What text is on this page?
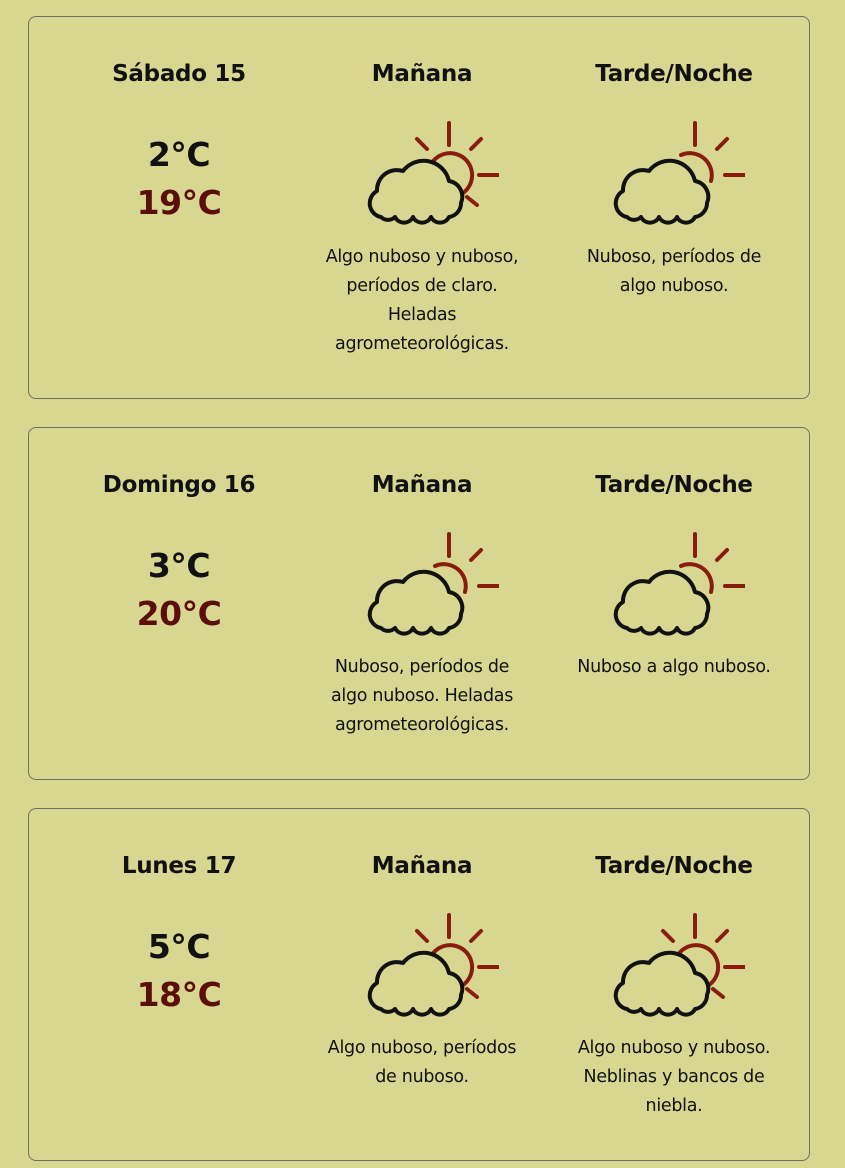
Sábado 15
2°C
19°C
Mañana
Algo nuboso y nuboso,
períodos de claro.
Heladas
agrometeorológicas.
Tarde/Noche
Nuboso, períodos de
algo nuboso.
Domingo 16
3°C
20°C
Mañana
Nuboso, períodos de
algo nuboso. Heladas
agrometeorológicas.
Tarde/Noche
Nuboso a algo nuboso.
Lunes 17
5°C
18°C
Mañana
Algo nuboso, períodos
de nuboso.
Tarde/Noche
Algo nuboso y nuboso.
Neblinas y bancos de
niebla.
